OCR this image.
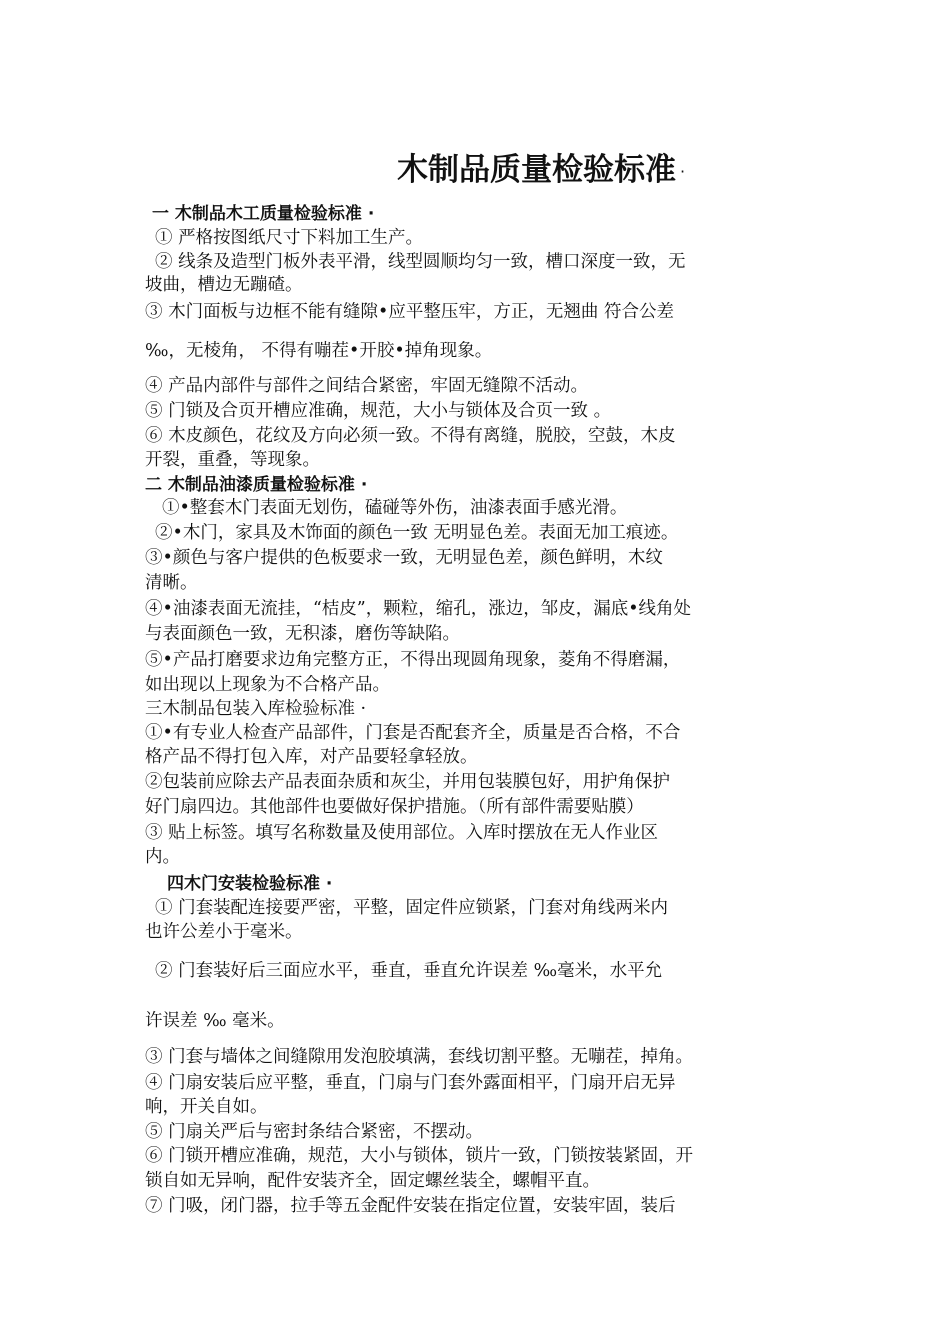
木制品质量检验标准 ·
一 木制品木工质量检验标准 ·
① 严格按图纸尺寸下料加工生产。
② 线条及造型门板外表平滑，线型圆顺均匀一致，槽口深度一致，无
坡曲，槽边无蹦碴。
③ 木门面板与边框不能有缝隙•应平整压牢，方正，无翘曲 符合公差
‰，无棱角， 不得有嘣茬•开胶•掉角现象。
④ 产品内部件与部件之间结合紧密，牢固无缝隙不活动。
⑤ 门锁及合页开槽应准确，规范，大小与锁体及合页一致 。
⑥ 木皮颜色，花纹及方向必须一致。不得有离缝，脱胶，空鼓，木皮
开裂，重叠，等现象。
二 木制品油漆质量检验标准 ·
①•整套木门表面无划伤，磕碰等外伤，油漆表面手感光滑。
②•木门，家具及木饰面的颜色一致 无明显色差。表面无加工痕迹。
③•颜色与客户提供的色板要求一致，无明显色差，颜色鲜明，木纹
清晰。
④•油漆表面无流挂，“桔皮”，颗粒，缩孔，涨边，邹皮，漏底•线角处
与表面颜色一致，无积漆，磨伤等缺陷。
⑤•产品打磨要求边角完整方正，不得出现圆角现象，菱角不得磨漏，
如出现以上现象为不合格产品。
三木制品包装入库检验标准 ·
①•有专业人检查产品部件，门套是否配套齐全，质量是否合格，不合
格产品不得打包入库，对产品要轻拿轻放。
②包装前应除去产品表面杂质和灰尘，并用包装膜包好，用护角保护
好门扇四边。其他部件也要做好保护措施。（所有部件需要贴膜）
③ 贴上标签。填写名称数量及使用部位。入库时摆放在无人作业区
内。
四木门安装检验标准 ·
① 门套装配连接要严密，平整，固定件应锁紧，门套对角线两米内
也许公差小于毫米。
② 门套装好后三面应水平，垂直，垂直允许误差 ‰毫米，水平允
许误差 ‰ 毫米。
③ 门套与墙体之间缝隙用发泡胶填满，套线切割平整。无嘣茬，掉角。
④ 门扇安装后应平整，垂直，门扇与门套外露面相平，门扇开启无异
响，开关自如。
⑤ 门扇关严后与密封条结合紧密，不摆动。
⑥ 门锁开槽应准确，规范，大小与锁体，锁片一致，门锁按装紧固，开
锁自如无异响，配件安装齐全，固定螺丝装全，螺帽平直。
⑦ 门吸，闭门器，拉手等五金配件安装在指定位置，安装牢固，装后
